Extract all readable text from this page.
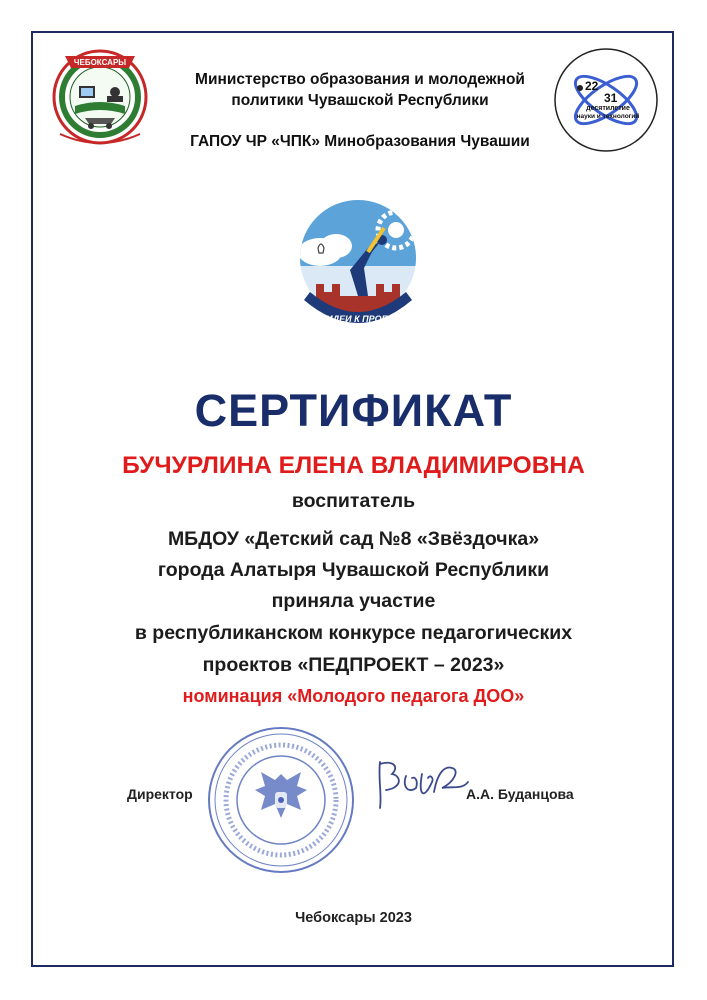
ЧЕБОКСАРЫ
Министерство образования и молодежной
политики Чувашской Республики
ГАПОУ ЧР «ЧПК» Минобразования Чувашии
22
31
десятилетие
науки и технологий
ОТ ИДЕИ К ПРОЕКТУ
СЕРТИФИКАТ
БУЧУРЛИНА ЕЛЕНА ВЛАДИМИРОВНА
воспитатель
МБДОУ «Детский сад №8 «Звёздочка»
города Алатыря Чувашской Республики
приняла участие
в республиканском конкурсе педагогических
проектов «ПЕДПРОЕКТ – 2023»
номинация «Молодого педагога ДОО»
Директор	А.А. Буданцова
Чебоксары 2023
